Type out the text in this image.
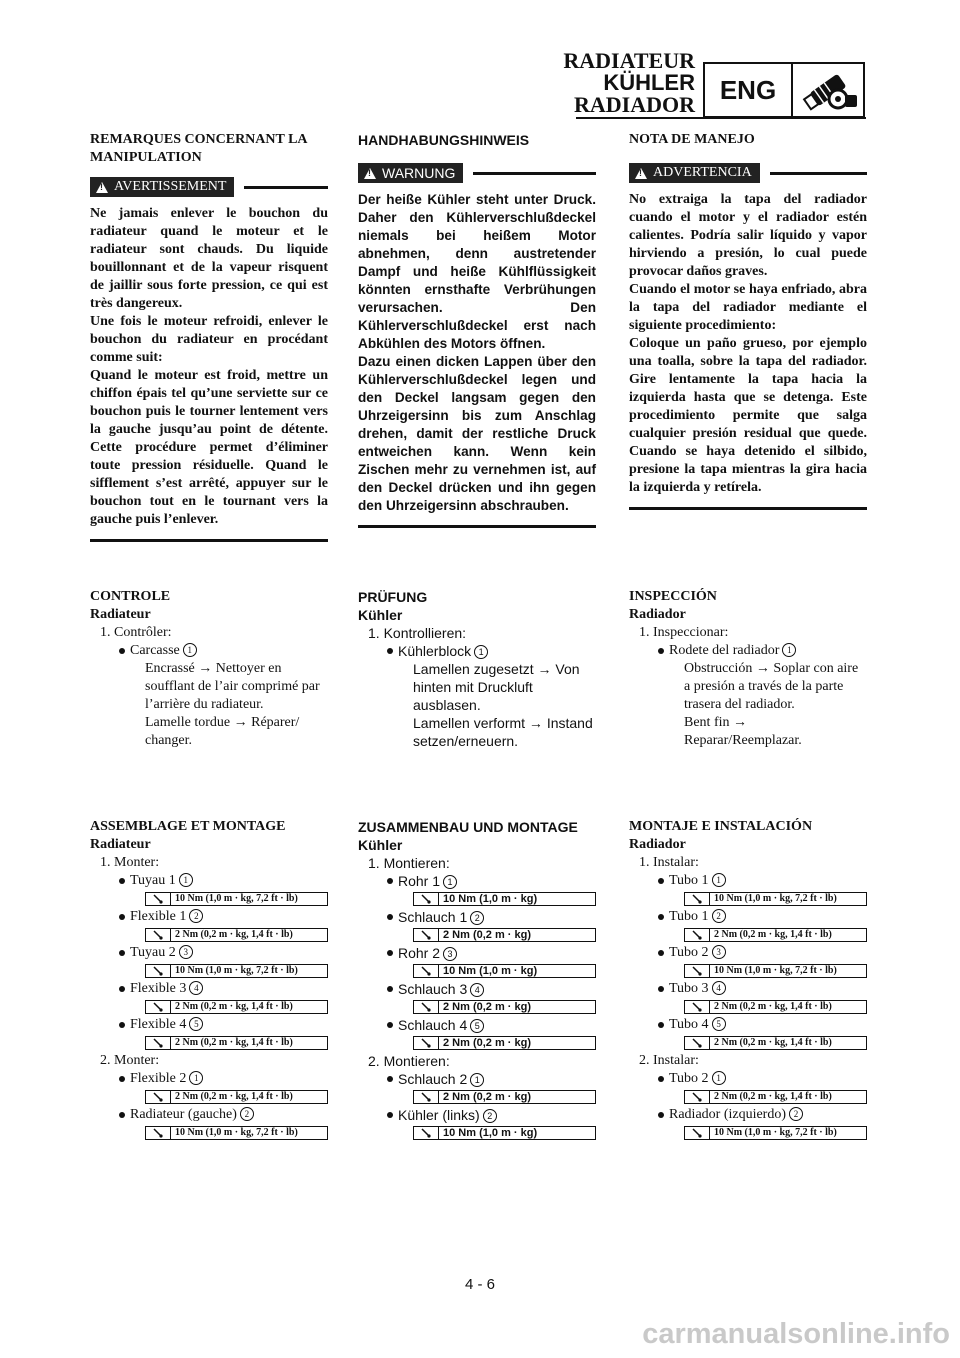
RADIATEUR
KÜHLER
RADIADOR ENG
REMARQUES CONCERNANT LA MANIPULATION
! AVERTISSEMENT

Ne jamais enlever le bouchon du radiateur quand le moteur et le radiateur sont chauds. Du liquide bouillonnant et de la vapeur risquent de jaillir sous forte pression, ce qui est très dangereux.

Une fois le moteur refroidi, enlever le bouchon du radiateur en procédant comme suit:

Quand le moteur est froid, mettre un chiffon épais tel qu’une serviette sur ce bouchon puis le tourner lentement vers la gauche jusqu’au point de détente. Cette procédure permet d’éliminer toute pression résiduelle. Quand le sifflement s’est arrêté, appuyer sur le bouchon tout en le tournant vers la gauche puis l’enlever.

HANDHABUNGSHINWEIS
! WARNUNG

Der heiße Kühler steht unter Druck. Daher den Kühlerverschlußdeckel niemals bei heißem Motor abnehmen, denn austretender Dampf und heiße Kühlflüssigkeit könnten ernsthafte Verbrühungen verursachen. Den Kühlerverschlußdeckel erst nach Abkühlen des Motors öffnen.

Dazu einen dicken Lappen über den Kühlerverschlußdeckel legen und den Deckel langsam gegen den Uhrzeigersinn bis zum Anschlag drehen, damit der restliche Druck entweichen kann. Wenn kein Zischen mehr zu vernehmen ist, auf den Deckel drücken und ihn gegen den Uhrzeigersinn abschrauben.

NOTA DE MANEJO
! ADVERTENCIA

No extraiga la tapa del radiador cuando el motor y el radiador estén calientes. Podría salir líquido y vapor hirviendo a presión, lo cual puede provocar daños graves.

Cuando el motor se haya enfriado, abra la tapa del radiador mediante el siguiente procedimiento:

Coloque un paño grueso, por ejemplo una toalla, sobre la tapa del radiador. Gire lentamente la tapa hacia la izquierda hasta que se detenga. Este procedimiento permite que salga cualquier presión residual que quede. Cuando se haya detenido el silbido, presione la tapa mientras la gira hacia la izquierda y retírela.

CONTROLE
Radiateur
1. Contrôler:
Carcasse 1
Encrassé → Nettoyer en soufflant de l’air comprimé par l’arrière du radiateur.
Lamelle tordue → Réparer/ changer.
PRÜFUNG
Kühler
1. Kontrollieren:
Kühlerblock 1
Lamellen zugesetzt → Von hinten mit Druckluft ausblasen.
Lamellen verformt → Instand setzen/erneuern.
INSPECCIÓN
Radiador
1. Inspeccionar:
Rodete del radiador 1
Obstrucción → Soplar con aire a presión a través de la parte trasera del radiador.
Bent fin → Reparar/Reemplazar.
ASSEMBLAGE ET MONTAGE
Radiateur
1. Monter:
Tuyau 1 1
10 Nm (1,0 m · kg, 7,2 ft · lb)
Flexible 1 2
2 Nm (0,2 m · kg, 1,4 ft · lb)
Tuyau 2 3
10 Nm (1,0 m · kg, 7,2 ft · lb)
Flexible 3 4
2 Nm (0,2 m · kg, 1,4 ft · lb)
Flexible 4 5
2 Nm (0,2 m · kg, 1,4 ft · lb)
2. Monter:
Flexible 2 1
2 Nm (0,2 m · kg, 1,4 ft · lb)
Radiateur (gauche) 2
10 Nm (1,0 m · kg, 7,2 ft · lb)
ZUSAMMENBAU UND MONTAGE
Kühler
1. Montieren:
Rohr 1 1
10 Nm (1,0 m · kg)
Schlauch 1 2
2 Nm (0,2 m · kg)
Rohr 2 3
10 Nm (1,0 m · kg)
Schlauch 3 4
2 Nm (0,2 m · kg)
Schlauch 4 5
2 Nm (0,2 m · kg)
2. Montieren:
Schlauch 2 1
2 Nm (0,2 m · kg)
Kühler (links) 2
10 Nm (1,0 m · kg)
MONTAJE E INSTALACIÓN
Radiador
1. Instalar:
Tubo 1 1
10 Nm (1,0 m · kg, 7,2 ft · lb)
Tubo 1 2
2 Nm (0,2 m · kg, 1,4 ft · lb)
Tubo 2 3
10 Nm (1,0 m · kg, 7,2 ft · lb)
Tubo 3 4
2 Nm (0,2 m · kg, 1,4 ft · lb)
Tubo 4 5
2 Nm (0,2 m · kg, 1,4 ft · lb)
2. Instalar:
Tubo 2 1
2 Nm (0,2 m · kg, 1,4 ft · lb)
Radiador (izquierdo) 2
10 Nm (1,0 m · kg, 7,2 ft · lb)
4 - 6
carmanualsonline.info
